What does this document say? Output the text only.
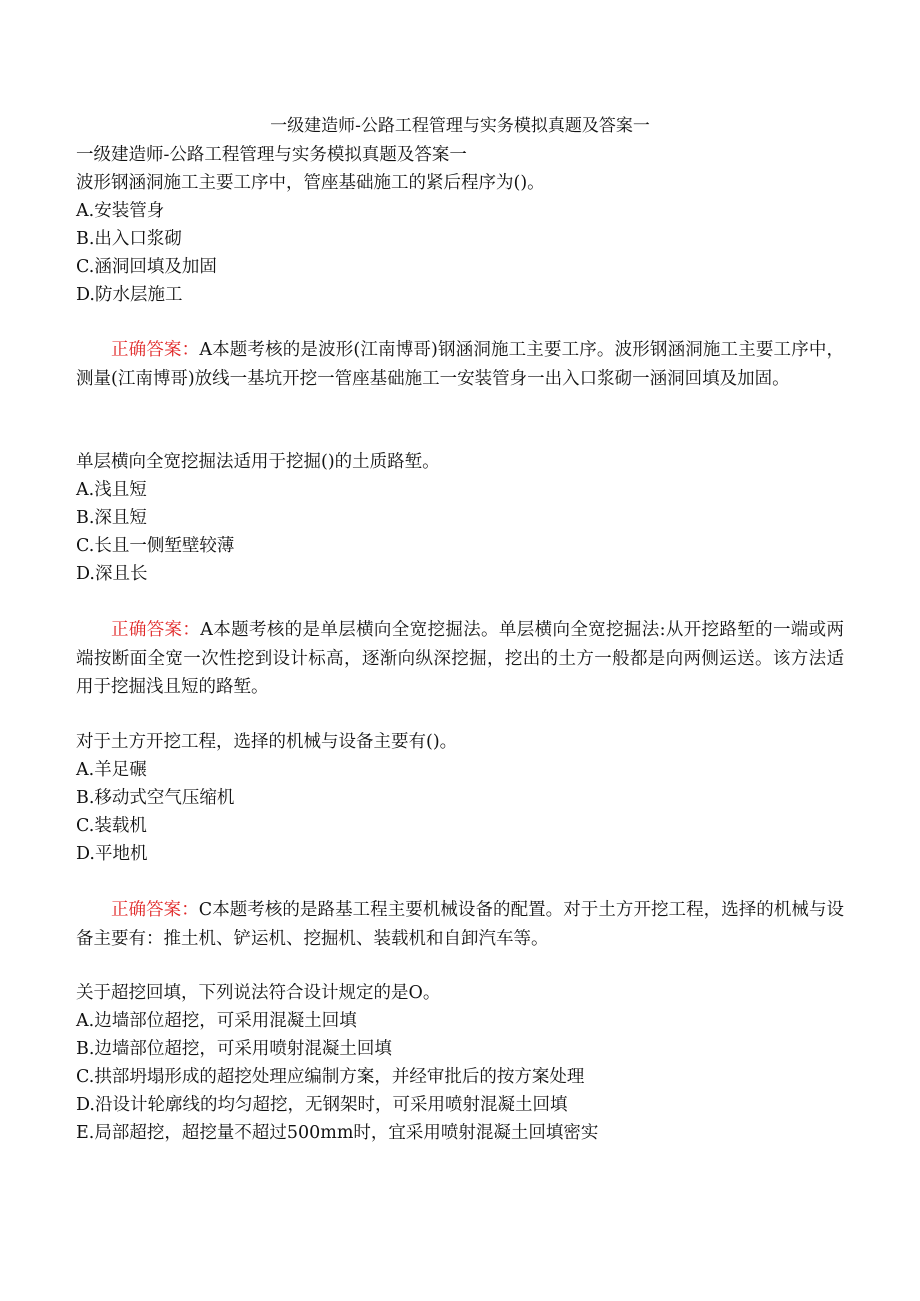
一级建造师-公路工程管理与实务模拟真题及答案一
一级建造师-公路工程管理与实务模拟真题及答案一
波形钢涵洞施工主要工序中，管座基础施工的紧后程序为()。
A.安装管身
B.出入口浆砌
C.涵洞回填及加固
D.防水层施工
正确答案：A本题考核的是波形(江南博哥)钢涵洞施工主要工序。波形钢涵洞施工主要工序中，测量(江南博哥)放线一基坑开挖一管座基础施工一安装管身一出入口浆砌一涵洞回填及加固。
单层横向全宽挖掘法适用于挖掘()的土质路堑。
A.浅且短
B.深且短
C.长且一侧堑壁较薄
D.深且长
正确答案：A本题考核的是单层横向全宽挖掘法。单层横向全宽挖掘法:从开挖路堑的一端或两端按断面全宽一次性挖到设计标高，逐渐向纵深挖掘，挖出的土方一般都是向两侧运送。该方法适用于挖掘浅且短的路堑。
对于土方开挖工程，选择的机械与设备主要有()。
A.羊足碾
B.移动式空气压缩机
C.装载机
D.平地机
正确答案：C本题考核的是路基工程主要机械设备的配置。对于土方开挖工程，选择的机械与设备主要有：推土机、铲运机、挖掘机、装载机和自卸汽车等。
关于超挖回填，下列说法符合设计规定的是O。
A.边墙部位超挖，可采用混凝土回填
B.边墙部位超挖，可采用喷射混凝土回填
C.拱部坍塌形成的超挖处理应编制方案，并经审批后的按方案处理
D.沿设计轮廓线的均匀超挖，无钢架时，可采用喷射混凝土回填
E.局部超挖，超挖量不超过500mm时，宜采用喷射混凝土回填密实
